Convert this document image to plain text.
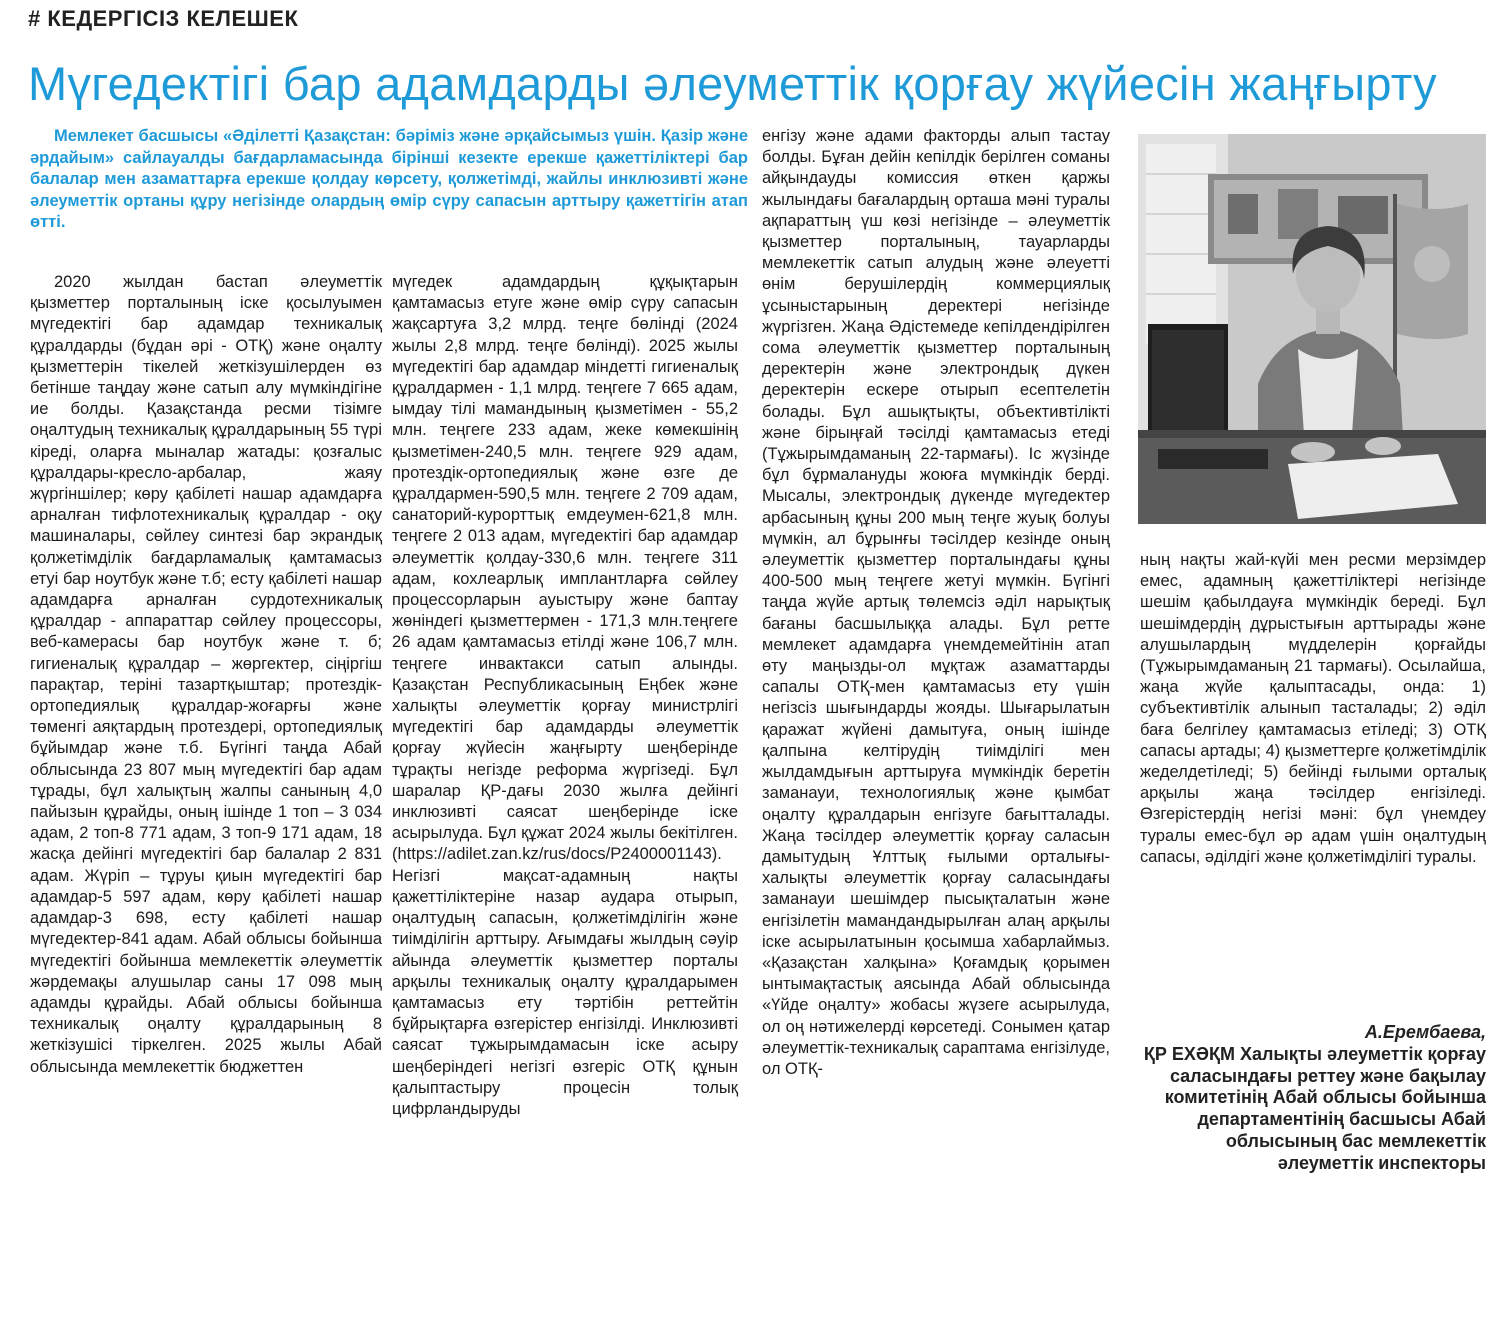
# КЕДЕРГІСІЗ КЕЛЕШЕК
Мүгедектігі бар адамдарды әлеуметтік қорғау жүйесін жаңғырту

Мемлекет басшысы «Әділетті Қазақстан: бәріміз және әрқайсымыз үшін. Қазір және әрдайым» сайлауалды бағдарламасында бірінші кезекте ерекше қажеттіліктері бар балалар мен азаматтарға ерекше қолдау көрсету, қолжетімді, жайлы инклюзивті және әлеуметтік ортаны құру негізінде олардың өмір сүру сапасын арттыру қажеттігін атап өтті.

2020 жылдан бастап әлеуметтік қызметтер порталының іске қосылуымен мүгедектігі бар адамдар техникалық құралдарды (бұдан әрі - ОТҚ) және оңалту қызметтерін тікелей жеткізушілерден өз бетінше таңдау және сатып алу мүмкіндігіне ие болды. Қазақстанда ресми тізімге оңалтудың техникалық құралдарының 55 түрі кіреді, оларға мыналар жатады: қозғалыс құралдары-кресло-арбалар, жаяу жүргіншілер; көру қабілеті нашар адамдарға арналған тифлотехникалық құралдар - оқу машиналары, сөйлеу синтезі бар экрандық қолжетімділік бағдарламалық қамтамасыз етуі бар ноутбук және т.б; есту қабілеті нашар адамдарға арналған сурдотехникалық құралдар - аппараттар сөйлеу процессоры, веб-камерасы бар ноутбук және т. б; гигиеналық құралдар – жөргектер, сіңіргіш парақтар, теріні тазартқыштар; протездік-ортопедиялық құралдар-жоғарғы және төменгі аяқтардың протездері, ортопедиялық бұйымдар және т.б. Бүгінгі таңда Абай облысында 23 807 мың мүгедектігі бар адам тұрады, бұл халықтың жалпы санының 4,0 пайызын құрайды, оның ішінде 1 топ – 3 034 адам, 2 топ-8 771 адам, 3 топ-9 171 адам, 18 жасқа дейінгі мүгедектігі бар балалар 2 831 адам. Жүріп – тұруы қиын мүгедектігі бар адамдар-5 597 адам, көру қабілеті нашар адамдар-3 698, есту қабілеті нашар мүгедектер-841 адам. Абай облысы бойынша мүгедектігі бойынша мемлекеттік әлеуметтік жәрдемақы алушылар саны 17 098 мың адамды құрайды. Абай облысы бойынша техникалық оңалту құралдарының 8 жеткізушісі тіркелген. 2025 жылы Абай облысында мемлекеттік бюджеттен

мүгедек адамдардың құқықтарын қамтамасыз етуге және өмір сүру сапасын жақсартуға 3,2 млрд. теңге бөлінді (2024 жылы 2,8 млрд. теңге бөлінді). 2025 жылы мүгедектігі бар адамдар міндетті гигиеналық құралдармен - 1,1 млрд. теңгеге 7 665 адам, ымдау тілі мамандының қызметімен - 55,2 млн. теңгеге 233 адам, жеке көмекшінің қызметімен-240,5 млн. теңгеге 929 адам, протездік-ортопедиялық және өзге де құралдармен-590,5 млн. теңгеге 2 709 адам, санаторий-курорттық емдеумен-621,8 млн. теңгеге 2 013 адам, мүгедектігі бар адамдар әлеуметтік қолдау-330,6 млн. теңгеге 311 адам, кохлеарлық имплантларға сөйлеу процессорларын ауыстыру және баптау жөніндегі қызметтермен - 171,3 млн.теңгеге 26 адам қамтамасыз етілді және 106,7 млн. теңгеге инвактакси сатып алынды. Қазақстан Республикасының Еңбек және халықты әлеуметтік қорғау министрлігі мүгедектігі бар адамдарды әлеуметтік қорғау жүйесін жаңғырту шеңберінде тұрақты негізде реформа жүргізеді. Бұл шаралар ҚР-дағы 2030 жылға дейінгі инклюзивті саясат шеңберінде іске асырылуда. Бұл құжат 2024 жылы бекітілген. (https://adilet.zan.kz/rus/docs/P2400001143). Негізгі мақсат-адамның нақты қажеттіліктеріне назар аудара отырып, оңалтудың сапасын, қолжетімділігін және тиімділігін арттыру. Ағымдағы жылдың сәуір айында әлеуметтік қызметтер порталы арқылы техникалық оңалту құралдарымен қамтамасыз ету тәртібін реттейтін бұйрықтарға өзгерістер енгізілді. Инклюзивті саясат тұжырымдамасын іске асыру шеңберіндегі негізгі өзгеріс ОТҚ құнын қалыптастыру процесін толық цифрландыруды

енгізу және адами факторды алып тастау болды. Бұған дейін кепілдік берілген соманы айқындауды комиссия өткен қаржы жылындағы бағалардың орташа мәні туралы ақпараттың үш көзі негізінде – әлеуметтік қызметтер порталының, тауарларды мемлекеттік сатып алудың және әлеуетті өнім берушілердің коммерциялық ұсыныстарының деректері негізінде жүргізген. Жаңа Әдістемеде кепілдендірілген сома әлеуметтік қызметтер порталының деректерін және электрондық дүкен деректерін ескере отырып есептелетін болады. Бұл ашықтықты, объективтілікті және бірыңғай тәсілді қамтамасыз етеді (Тұжырымдаманың 22-тармағы). Іс жүзінде бұл бұрмалануды жоюға мүмкіндік берді. Мысалы, электрондық дүкенде мүгедектер арбасының құны 200 мың теңге жуық болуы мүмкін, ал бұрынғы тәсілдер кезінде оның әлеуметтік қызметтер порталындағы құны 400-500 мың теңгеге жетуі мүмкін. Бүгінгі таңда жүйе артық төлемсіз әділ нарықтық бағаны басшылыққа алады. Бұл ретте мемлекет адамдарға үнемдемейтінін атап өту маңызды-ол мұқтаж азаматтарды сапалы ОТҚ-мен қамтамасыз ету үшін негізсіз шығындарды жояды. Шығарылатын қаражат жүйені дамытуға, оның ішінде қалпына келтірудің тиімділігі мен жылдамдығын арттыруға мүмкіндік беретін заманауи, технологиялық және қымбат оңалту құралдарын енгізуге бағытталады. Жаңа тәсілдер әлеуметтік қорғау саласын дамытудың Ұлттық ғылыми орталығы-халықты әлеуметтік қорғау саласындағы заманауи шешімдер пысықталатын және енгізілетін мамандандырылған алаң арқылы іске асырылатынын қосымша хабарлаймыз. «Қазақстан халқына» Қоғамдық қорымен ынтымақтастық аясында Абай облысында «Үйде оңалту» жобасы жүзеге асырылуда, ол оң нәтижелерді көрсетеді. Сонымен қатар әлеуметтік-техникалық сараптама енгізілуде, ол ОТҚ-

ның нақты жай-күйі мен ресми мерзімдер емес, адамның қажеттіліктері негізінде шешім қабылдауға мүмкіндік береді. Бұл шешімдердің дұрыстығын арттырады және алушылардың мүдделерін қорғайды (Тұжырымдаманың 21 тармағы). Осылайша, жаңа жүйе қалыптасады, онда: 1) субъективтілік алынып тасталады; 2) әділ баға белгілеу қамтамасыз етіледі; 3) ОТҚ сапасы артады; 4) қызметтерге қолжетімділік жеделдетіледі; 5) бейінді ғылыми орталық арқылы жаңа тәсілдер енгізіледі. Өзгерістердің негізі мәні: бұл үнемдеу туралы емес-бұл әр адам үшін оңалтудың сапасы, әділдігі және қолжетімділігі туралы.

А.Ерембаева,
ҚР ЕХӘҚМ Халықты әлеуметтік қорғау саласындағы реттеу және бақылау комитетінің Абай облысы бойынша департаментінің басшысы Абай облысының бас мемлекеттік әлеуметтік инспекторы
